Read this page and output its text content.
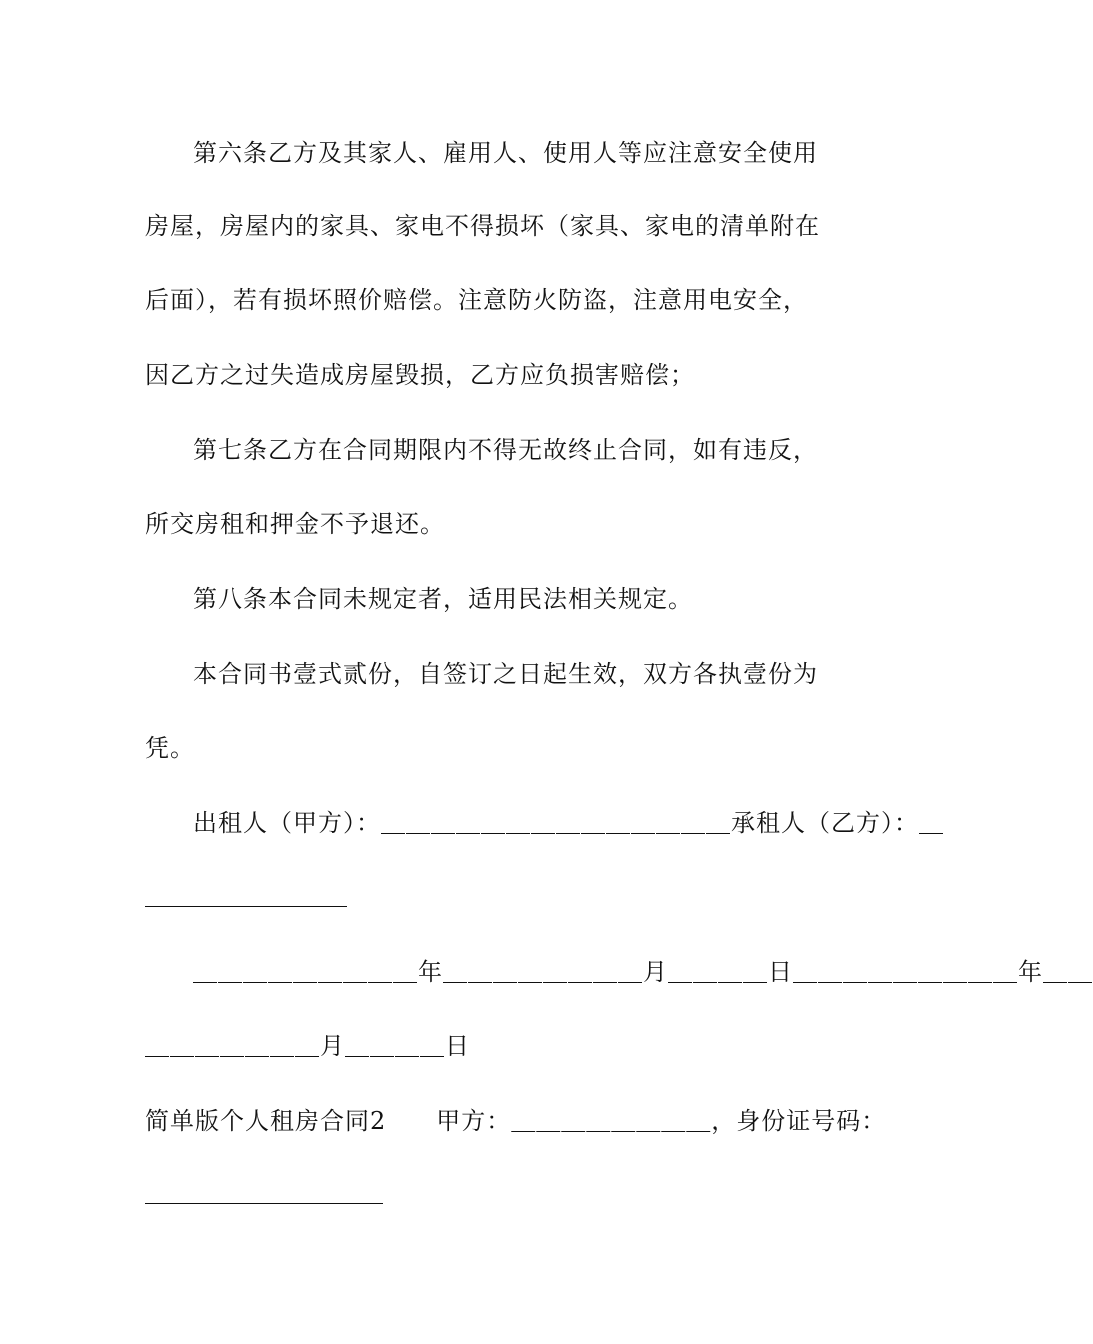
第六条乙方及其家人、雇用人、使用人等应注意安全使用
房屋，房屋内的家具、家电不得损坏（家具、家电的清单附在
后面），若有损坏照价赔偿。注意防火防盗，注意用电安全，
因乙方之过失造成房屋毁损，乙方应负损害赔偿；
第七条乙方在合同期限内不得无故终止合同，如有违反，
所交房租和押金不予退还。
第八条本合同未规定者，适用民法相关规定。
本合同书壹式贰份，自签订之日起生效，双方各执壹份为
凭。
出租人（甲方）：＿＿＿＿＿＿＿＿＿＿＿＿＿＿承租人（乙方）：＿
＿＿＿＿＿＿＿＿＿年＿＿＿＿＿＿＿＿月＿＿＿＿日＿＿＿＿＿＿＿＿＿年＿＿
＿＿＿＿＿＿＿月＿＿＿＿日
简单版个人租房合同2　　甲方：＿＿＿＿＿＿＿＿，身份证号码：
